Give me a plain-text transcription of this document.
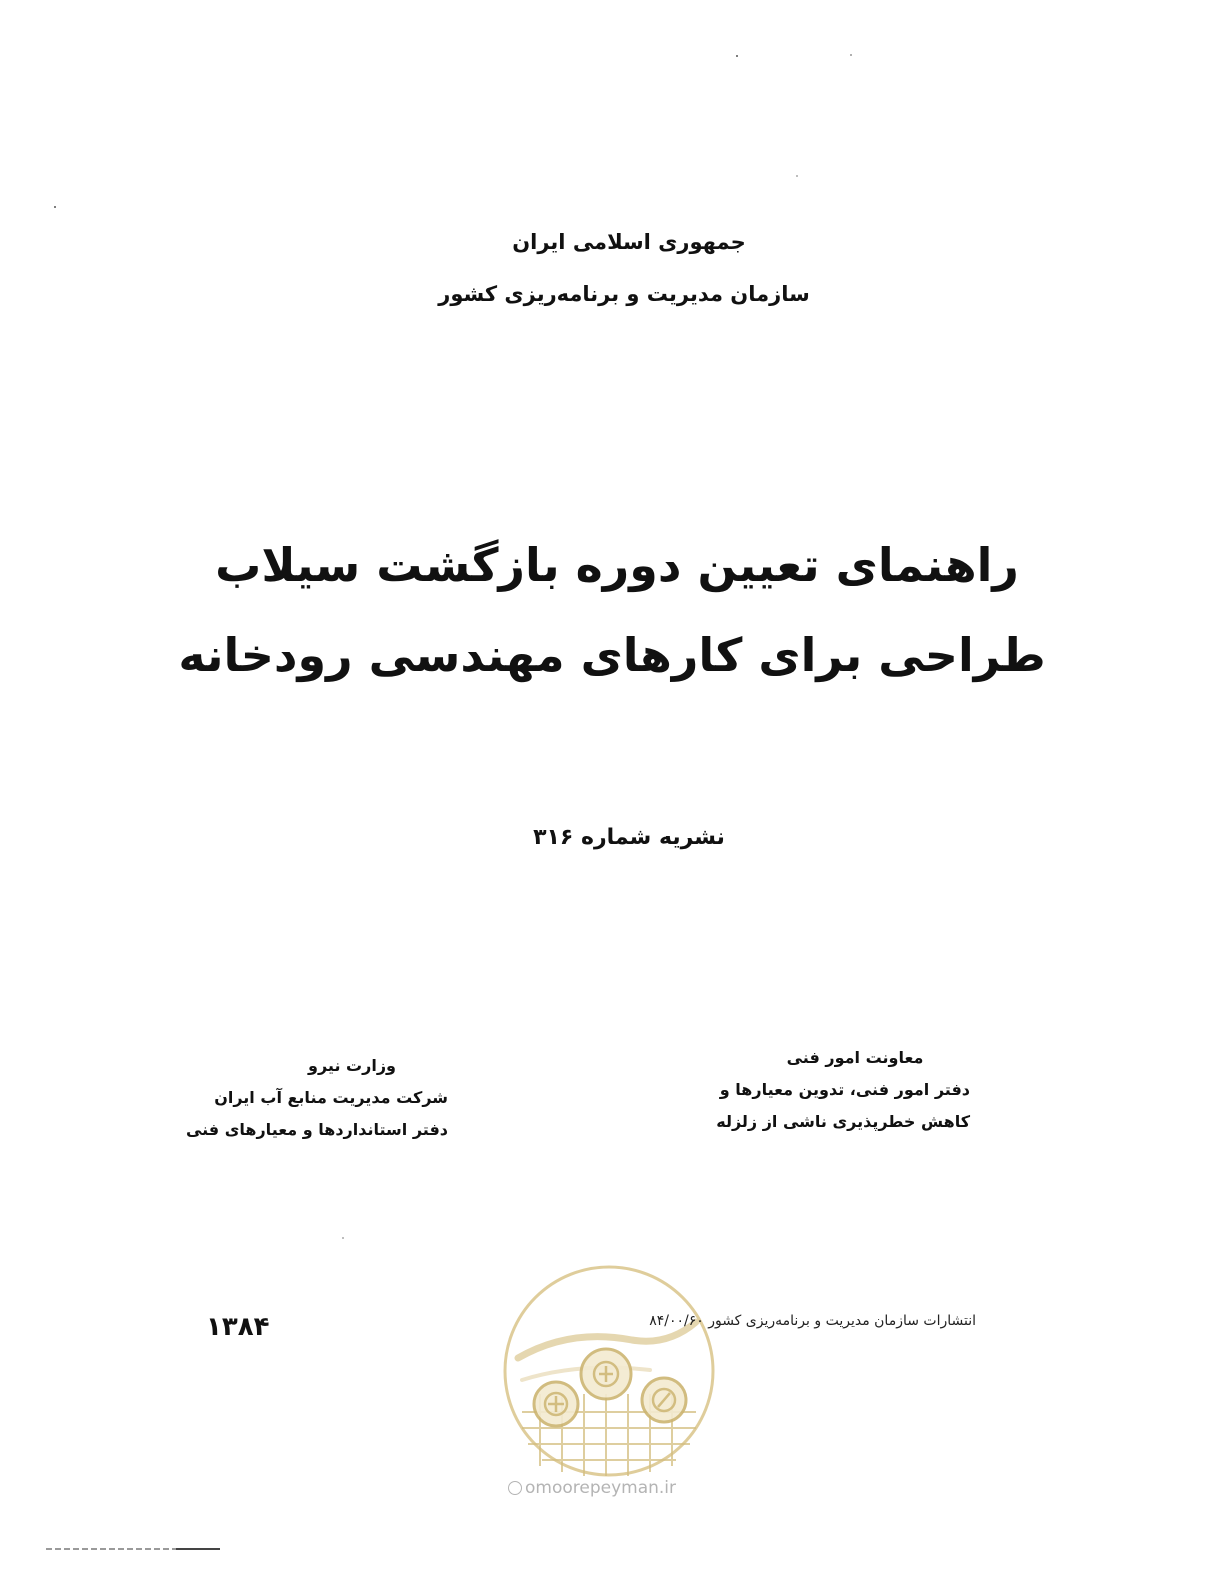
جمهوری اسلامی ایران
سازمان مدیریت و برنامه‌ریزی کشور
راهنمای تعیین دوره بازگشت سیلاب
طراحی برای کارهای مهندسی رودخانه
نشریه شماره ۳۱۶
معاونت امور فنی
دفتر امور فنی، تدوین معیارها و
کاهش خطرپذیری ناشی از زلزله
وزارت نیرو
شرکت مدیریت منابع آب ایران
دفتر استانداردها و معیارهای فنی
۱۳۸۴	انتشارات سازمان مدیریت و برنامه‌ریزی کشور ۸۴/۰۰/۶۰
omoorepeyman.ir
